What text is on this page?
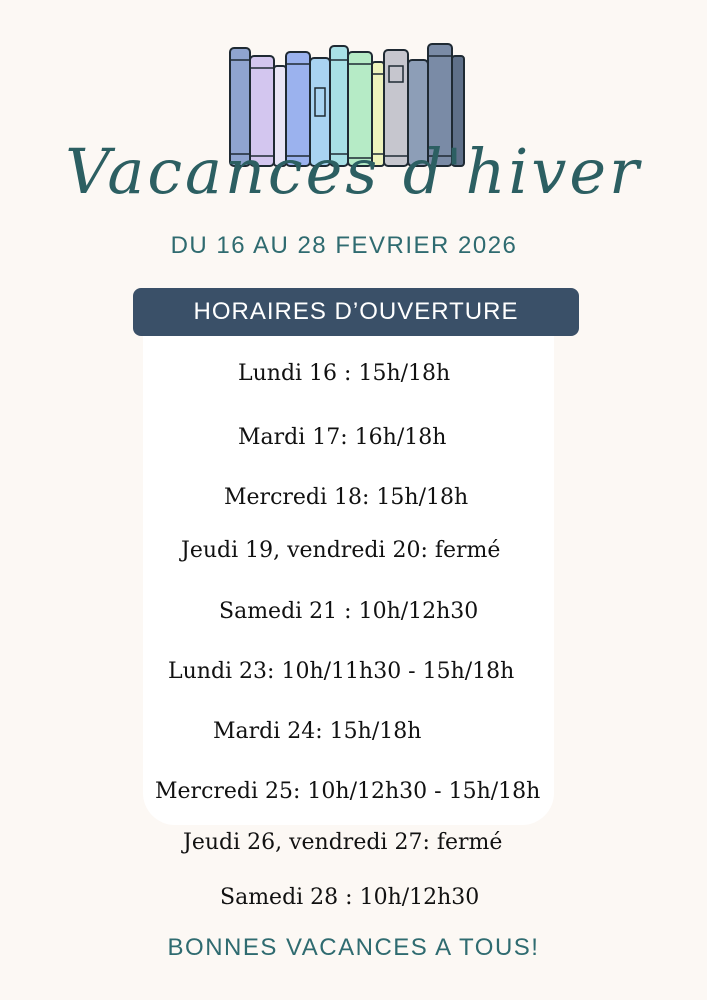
Vacances d'hiver
DU 16 AU 28 FEVRIER 2026
HORAIRES D’OUVERTURE
Lundi 16 : 15h/18h
Mardi 17: 16h/18h
Mercredi 18: 15h/18h
Jeudi 19, vendredi 20: fermé
Samedi 21 : 10h/12h30
Lundi 23: 10h/11h30 - 15h/18h
Mardi 24: 15h/18h
Mercredi 25: 10h/12h30 - 15h/18h
Jeudi 26, vendredi 27: fermé
Samedi 28 : 10h/12h30
BONNES VACANCES A TOUS!
